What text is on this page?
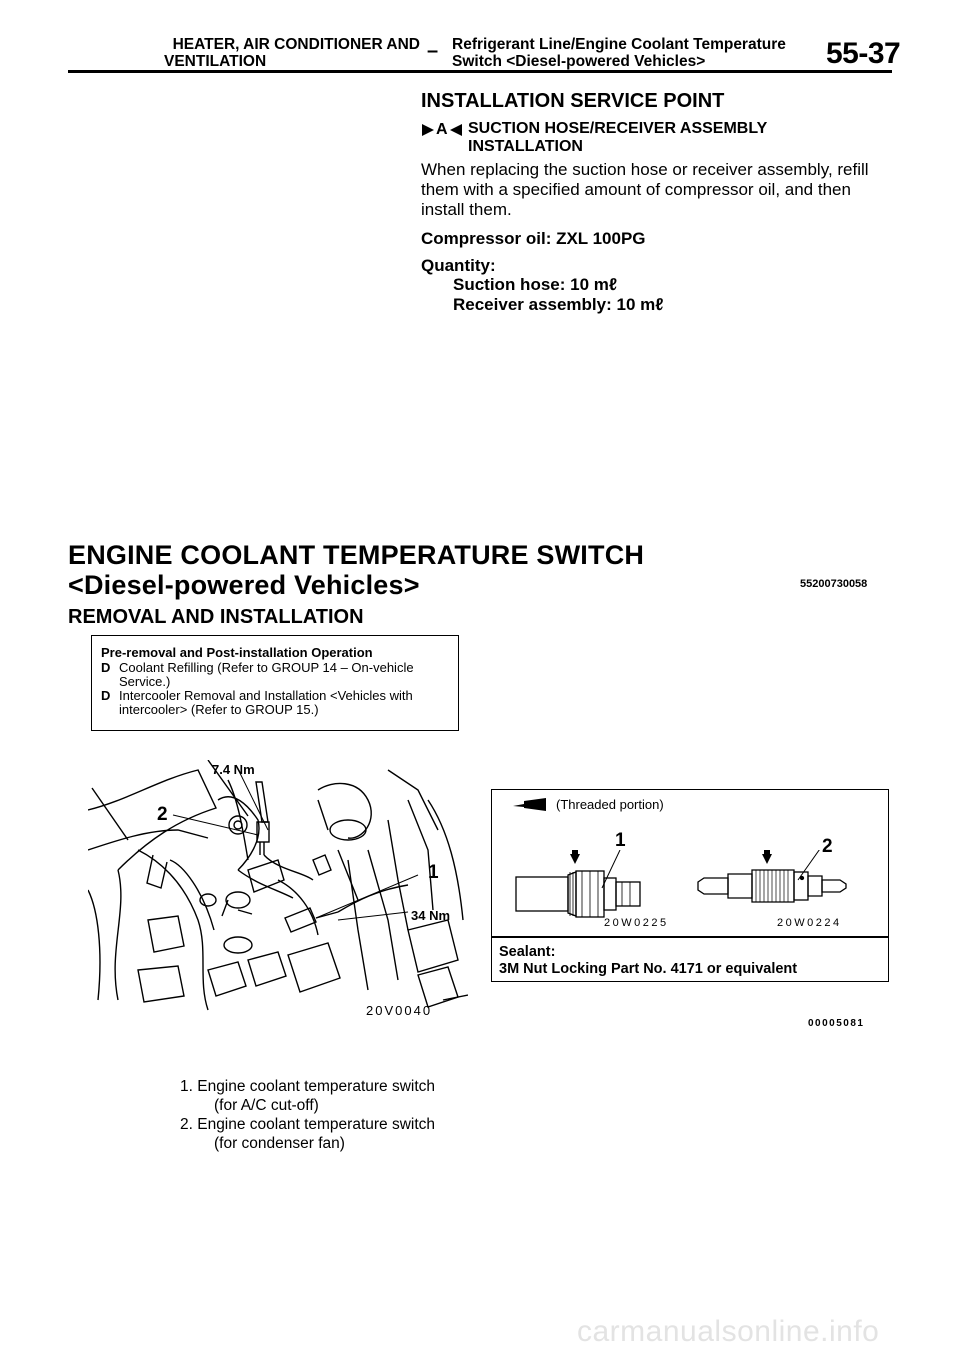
HEATER, AIR CONDITIONER AND
VENTILATION	– Refrigerant Line/Engine Coolant Temperature
Switch <Diesel-powered Vehicles>	55-37
INSTALLATION SERVICE POINT
A SUCTION HOSE/RECEIVER ASSEMBLY
INSTALLATION
When replacing the suction hose or receiver assembly, refill
them with a specified amount of compressor oil, and then
install them.
Compressor oil: ZXL 100PG
Quantity:
Suction hose: 10 mℓ
Receiver assembly: 10 mℓ
ENGINE COOLANT TEMPERATURE SWITCH
<Diesel-powered Vehicles>	55200730058
REMOVAL AND INSTALLATION
Pre-removal and Post-installation Operation
D Coolant Refilling (Refer to GROUP 14 – On-vehicle
Service.)
D Intercooler Removal and Installation <Vehicles with
intercooler> (Refer to GROUP 15.)
7.4 Nm
2
1
34 Nm
20V0040
(Threaded portion)
1	2
20W0225	20W0224
Sealant:
3M Nut Locking Part No. 4171 or equivalent
00005081
1. Engine coolant temperature switch
(for A/C cut-off)
2. Engine coolant temperature switch
(for condenser fan)
carmanualsonline.info
